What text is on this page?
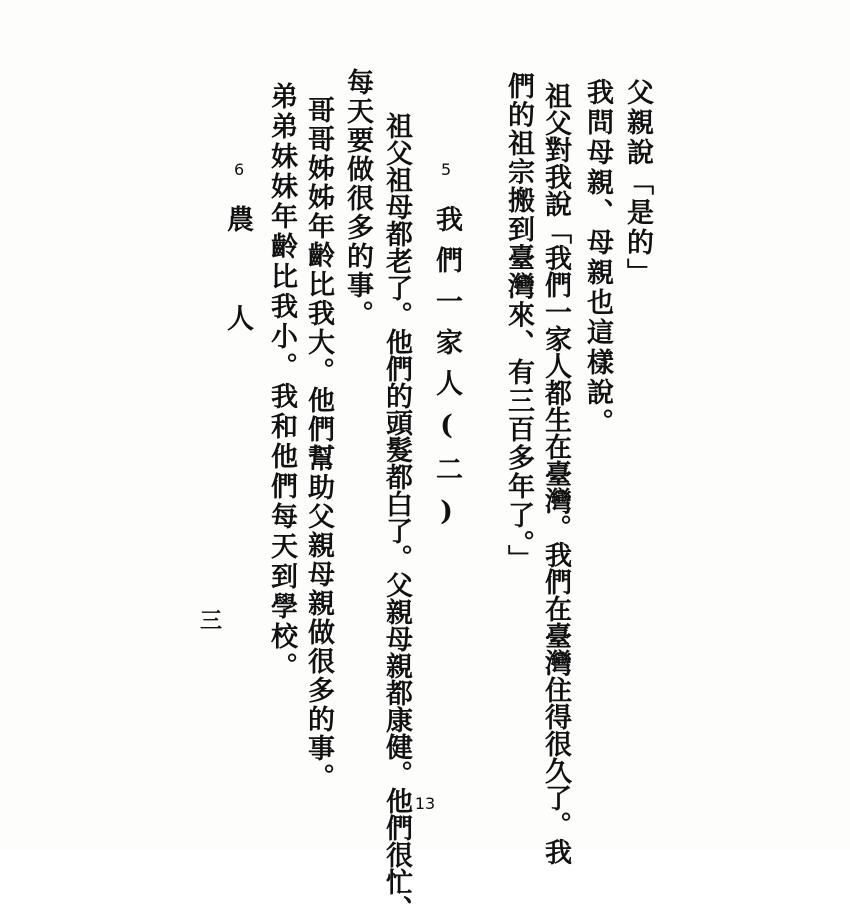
父親說「是的」
我問母親、母親也這樣說。
祖父對我說「我們一家人都生在臺灣。我們在臺灣住得很久了。我
們的祖宗搬到臺灣來、有三百多年了。」
5
我們一家人(二)
祖父祖母都老了。他們的頭髮都白了。父親母親都康健。他們很忙、
每天要做很多的事。
哥哥姊姊年齡比我大。他們幫助父親母親做很多的事。
弟弟妹妹年齡比我小。我和他們每天到學校。
6
農人
三
13
